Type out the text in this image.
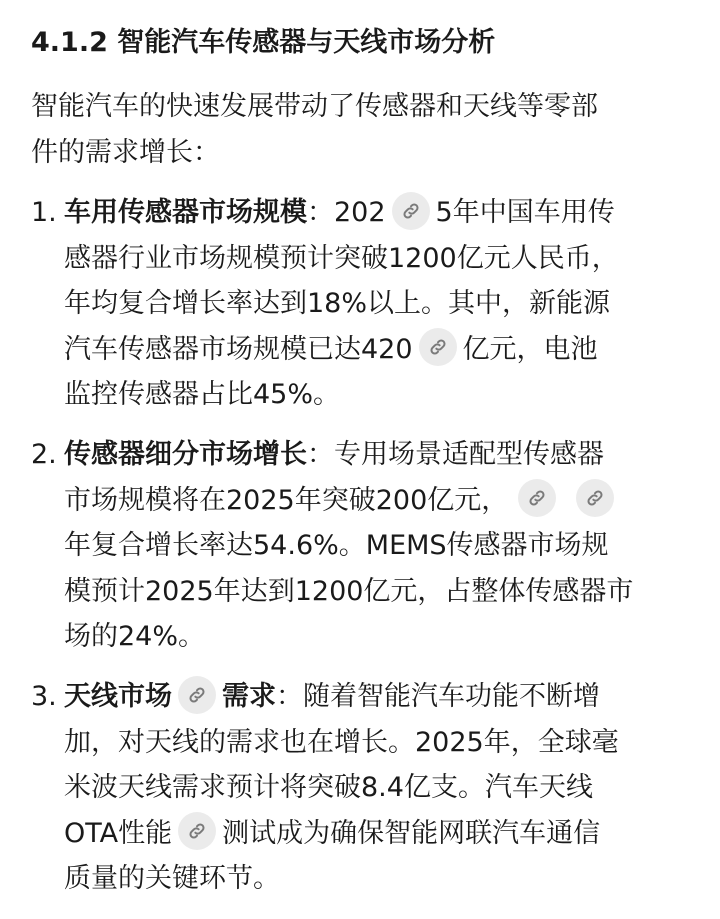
4.1.2 智能汽车传感器与天线市场分析
智能汽车的快速发展带动了传感器和天线等零部
件的需求增长：
1. 车用传感器市场规模：202 5年中国车用传
感器行业市场规模预计突破1200亿元人民币，
年均复合增长率达到18%以上。其中，新能源
汽车传感器市场规模已达420 亿元，电池
监控传感器占比45%。
2. 传感器细分市场增长：专用场景适配型传感器
市场规模将在2025年突破200亿元，
年复合增长率达54.6%。MEMS传感器市场规
模预计2025年达到1200亿元，占整体传感器市
场的24%。
3. 天线市场 需求：随着智能汽车功能不断增
加，对天线的需求也在增长。2025年，全球毫
米波天线需求预计将突破8.4亿支。汽车天线
OTA性能 测试成为确保智能网联汽车通信
质量的关键环节。
